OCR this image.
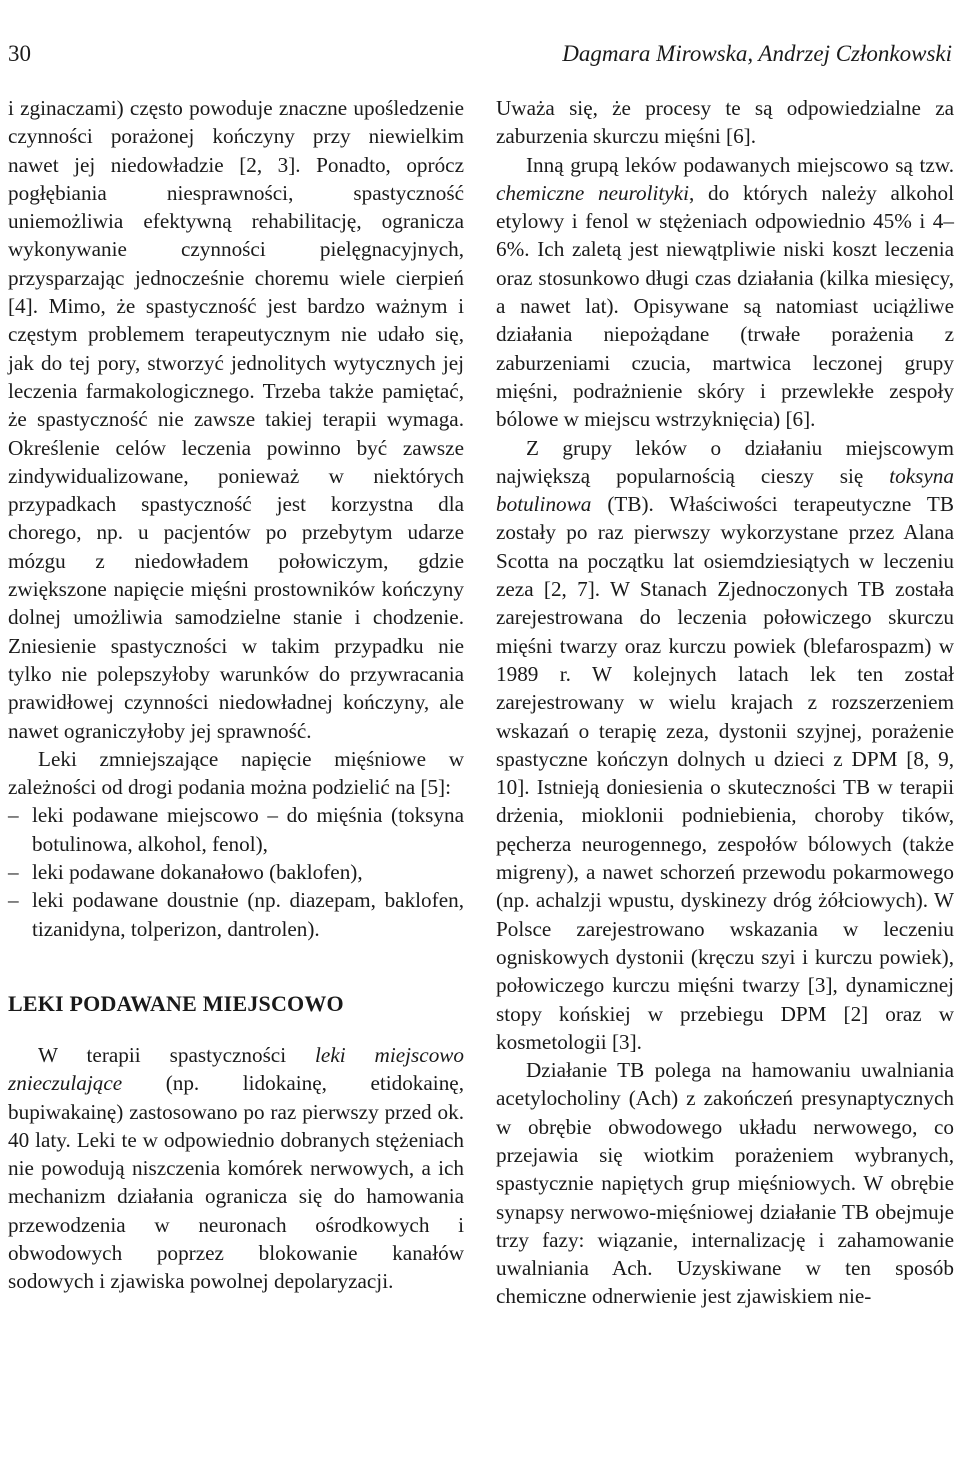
30	Dagmara Mirowska, Andrzej Członkowski

i zginaczami) często powoduje znaczne upośledzenie czynności porażonej kończyny przy niewielkim nawet jej niedowładzie [2, 3]. Ponadto, oprócz pogłębiania niesprawności, spastyczność uniemożliwia efektywną rehabilitację, ogranicza wykonywanie czynności pielęgnacyjnych, przysparzając jednocześnie choremu wiele cierpień [4]. Mimo, że spastyczność jest bardzo ważnym i częstym problemem terapeutycznym nie udało się, jak do tej pory, stworzyć jednolitych wytycznych jej leczenia farmakologicznego. Trzeba także pamiętać, że spastyczność nie zawsze takiej terapii wymaga. Określenie celów leczenia powinno być zawsze zindywidualizowane, ponieważ w niektórych przypadkach spastyczność jest korzystna dla chorego, np. u pacjentów po przebytym udarze mózgu z niedowładem połowiczym, gdzie zwiększone napięcie mięśni prostowników kończyny dolnej umożliwia samodzielne stanie i chodzenie. Zniesienie spastyczności w takim przypadku nie tylko nie polepszyłoby warunków do przywracania prawidłowej czynności niedowładnej kończyny, ale nawet ograniczyłoby jej sprawność.

Leki zmniejszające napięcie mięśniowe w zależności od drogi podania można podzielić na [5]:

– leki podawane miejscowo – do mięśnia (toksyna botulinowa, alkohol, fenol),
– leki podawane dokanałowo (baklofen),
– leki podawane doustnie (np. diazepam, baklofen, tizanidyna, tolperizon, dantrolen).
LEKI PODAWANE MIEJSCOWO

W terapii spastyczności leki miejscowo znieczulające (np. lidokainę, etidokainę, bupiwakainę) zastosowano po raz pierwszy przed ok. 40 laty. Leki te w odpowiednio dobranych stężeniach nie powodują niszczenia komórek nerwowych, a ich mechanizm działania ogranicza się do hamowania przewodzenia w neuronach ośrodkowych i obwodowych poprzez blokowanie kanałów sodowych i zjawiska powolnej depolaryzacji.

Uważa się, że procesy te są odpowiedzialne za zaburzenia skurczu mięśni [6].

Inną grupą leków podawanych miejscowo są tzw. chemiczne neurolityki, do których należy alkohol etylowy i fenol w stężeniach odpowiednio 45% i 4–6%. Ich zaletą jest niewątpliwie niski koszt leczenia oraz stosunkowo długi czas działania (kilka miesięcy, a nawet lat). Opisywane są natomiast uciążliwe działania niepożądane (trwałe porażenia z zaburzeniami czucia, martwica leczonej grupy mięśni, podrażnienie skóry i przewlekłe zespoły bólowe w miejscu wstrzyknięcia) [6].

Z grupy leków o działaniu miejscowym największą popularnością cieszy się toksyna botulinowa (TB). Właściwości terapeutyczne TB zostały po raz pierwszy wykorzystane przez Alana Scotta na początku lat osiemdziesiątych w leczeniu zeza [2, 7]. W Stanach Zjednoczonych TB została zarejestrowana do leczenia połowiczego skurczu mięśni twarzy oraz kurczu powiek (blefarospazm) w 1989 r. W kolejnych latach lek ten został zarejestrowany w wielu krajach z rozszerzeniem wskazań o terapię zeza, dystonii szyjnej, porażenie spastyczne kończyn dolnych u dzieci z DPM [8, 9, 10]. Istnieją doniesienia o skuteczności TB w terapii drżenia, mioklonii podniebienia, choroby tików, pęcherza neurogennego, zespołów bólowych (także migreny), a nawet schorzeń przewodu pokarmowego (np. achalzji wpustu, dyskinezy dróg żółciowych). W Polsce zarejestrowano wskazania w leczeniu ogniskowych dystonii (kręczu szyi i kurczu powiek), połowiczego kurczu mięśni twarzy [3], dynamicznej stopy końskiej w przebiegu DPM [2] oraz w kosmetologii [3].

Działanie TB polega na hamowaniu uwalniania acetylocholiny (Ach) z zakończeń presynaptycznych w obrębie obwodowego układu nerwowego, co przejawia się wiotkim porażeniem wybranych, spastycznie napiętych grup mięśniowych. W obrębie synapsy nerwowo-mięśniowej działanie TB obejmuje trzy fazy: wiązanie, internalizację i zahamowanie uwalniania Ach. Uzyskiwane w ten sposób chemiczne odnerwienie jest zjawiskiem nie-
